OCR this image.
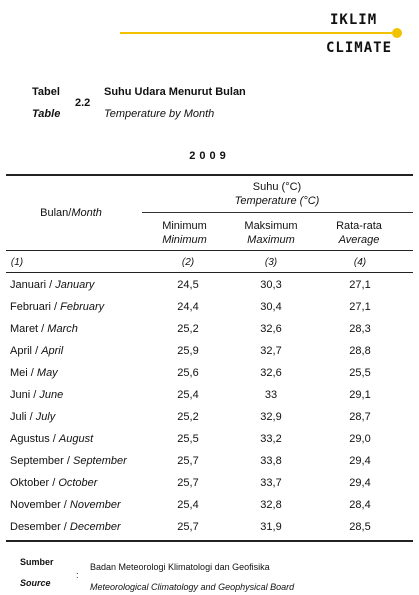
IKLIM
CLIMATE
Tabel
2.2
Table
Suhu Udara Menurut Bulan
Temperature by Month
2009
Bulan/Month
Suhu (°C)
Temperature (°C)
Minimum
Minimum
Maksimum
Maximum
Rata-rata
Average
(1)	(2)	(3)	(4)
Januari / January	24,5	30,3	27,1
Februari / February	24,4	30,4	27,1
Maret / March	25,2	32,6	28,3
April / April	25,9	32,7	28,8
Mei / May	25,6	32,6	25,5
Juni / June	25,4	33	29,1
Juli / July	25,2	32,9	28,7
Agustus / August	25,5	33,2	29,0
September / September	25,7	33,8	29,4
Oktober / October	25,7	33,7	29,4
November / November	25,4	32,8	28,4
Desember / December	25,7	31,9	28,5
Sumber
Source
:
Badan Meteorologi Klimatologi dan Geofisika
Meteorological Climatology and Geophysical Board
